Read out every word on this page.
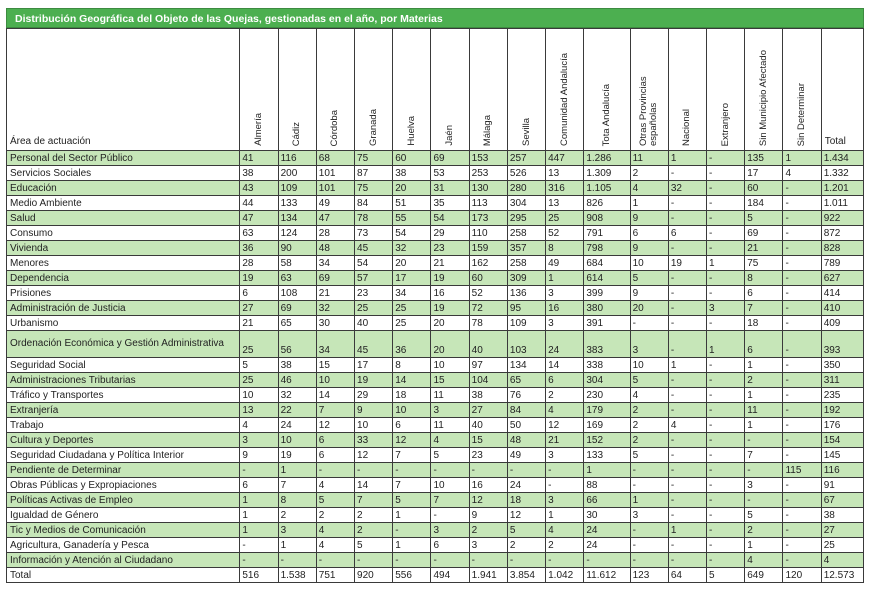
Distribución Geográfica del Objeto de las Quejas, gestionadas en el año, por Materias
Área de actuación	Almería	Cádiz	Córdoba	Granada	Huelva	Jaén	Málaga	Sevilla	Comunidad Andalucía	Tota Andalucía	Otras Provincias españolas	Nacional	Extranjero	Sin Municipio Afectado	Sin Determinar	Total
Personal del Sector Público	41	116	68	75	60	69	153	257	447	1.286	11	1	-	135	1	1.434
Servicios Sociales	38	200	101	87	38	53	253	526	13	1.309	2	-	-	17	4	1.332
Educación	43	109	101	75	20	31	130	280	316	1.105	4	32	-	60	-	1.201
Medio Ambiente	44	133	49	84	51	35	113	304	13	826	1	-	-	184	-	1.011
Salud	47	134	47	78	55	54	173	295	25	908	9	-	-	5	-	922
Consumo	63	124	28	73	54	29	110	258	52	791	6	6	-	69	-	872
Vivienda	36	90	48	45	32	23	159	357	8	798	9	-	-	21	-	828
Menores	28	58	34	54	20	21	162	258	49	684	10	19	1	75	-	789
Dependencia	19	63	69	57	17	19	60	309	1	614	5	-	-	8	-	627
Prisiones	6	108	21	23	34	16	52	136	3	399	9	-	-	6	-	414
Administración de Justicia	27	69	32	25	25	19	72	95	16	380	20	-	3	7	-	410
Urbanismo	21	65	30	40	25	20	78	109	3	391	-	-	-	18	-	409
Ordenación Económica y Gestión Administrativa	25	56	34	45	36	20	40	103	24	383	3	-	1	6	-	393
Seguridad Social	5	38	15	17	8	10	97	134	14	338	10	1	-	1	-	350
Administraciones Tributarias	25	46	10	19	14	15	104	65	6	304	5	-	-	2	-	311
Tráfico y Transportes	10	32	14	29	18	11	38	76	2	230	4	-	-	1	-	235
Extranjería	13	22	7	9	10	3	27	84	4	179	2	-	-	11	-	192
Trabajo	4	24	12	10	6	11	40	50	12	169	2	4	-	1	-	176
Cultura y Deportes	3	10	6	33	12	4	15	48	21	152	2	-	-	-	-	154
Seguridad Ciudadana y Política Interior	9	19	6	12	7	5	23	49	3	133	5	-	-	7	-	145
Pendiente de Determinar	-	1	-	-	-	-	-	-	-	1	-	-	-	-	115	116
Obras Públicas y Expropiaciones	6	7	4	14	7	10	16	24	-	88	-	-	-	3	-	91
Políticas Activas de Empleo	1	8	5	7	5	7	12	18	3	66	1	-	-	-	-	67
Igualdad de Género	1	2	2	2	1	-	9	12	1	30	3	-	-	5	-	38
Tic y Medios de Comunicación	1	3	4	2	-	3	2	5	4	24	-	1	-	2	-	27
Agricultura, Ganadería y Pesca	-	1	4	5	1	6	3	2	2	24	-	-	-	1	-	25
Información y Atención al Ciudadano	-	-	-	-	-	-	-	-	-	-	-	-	-	4	-	4
Total	516	1.538	751	920	556	494	1.941	3.854	1.042	11.612	123	64	5	649	120	12.573
